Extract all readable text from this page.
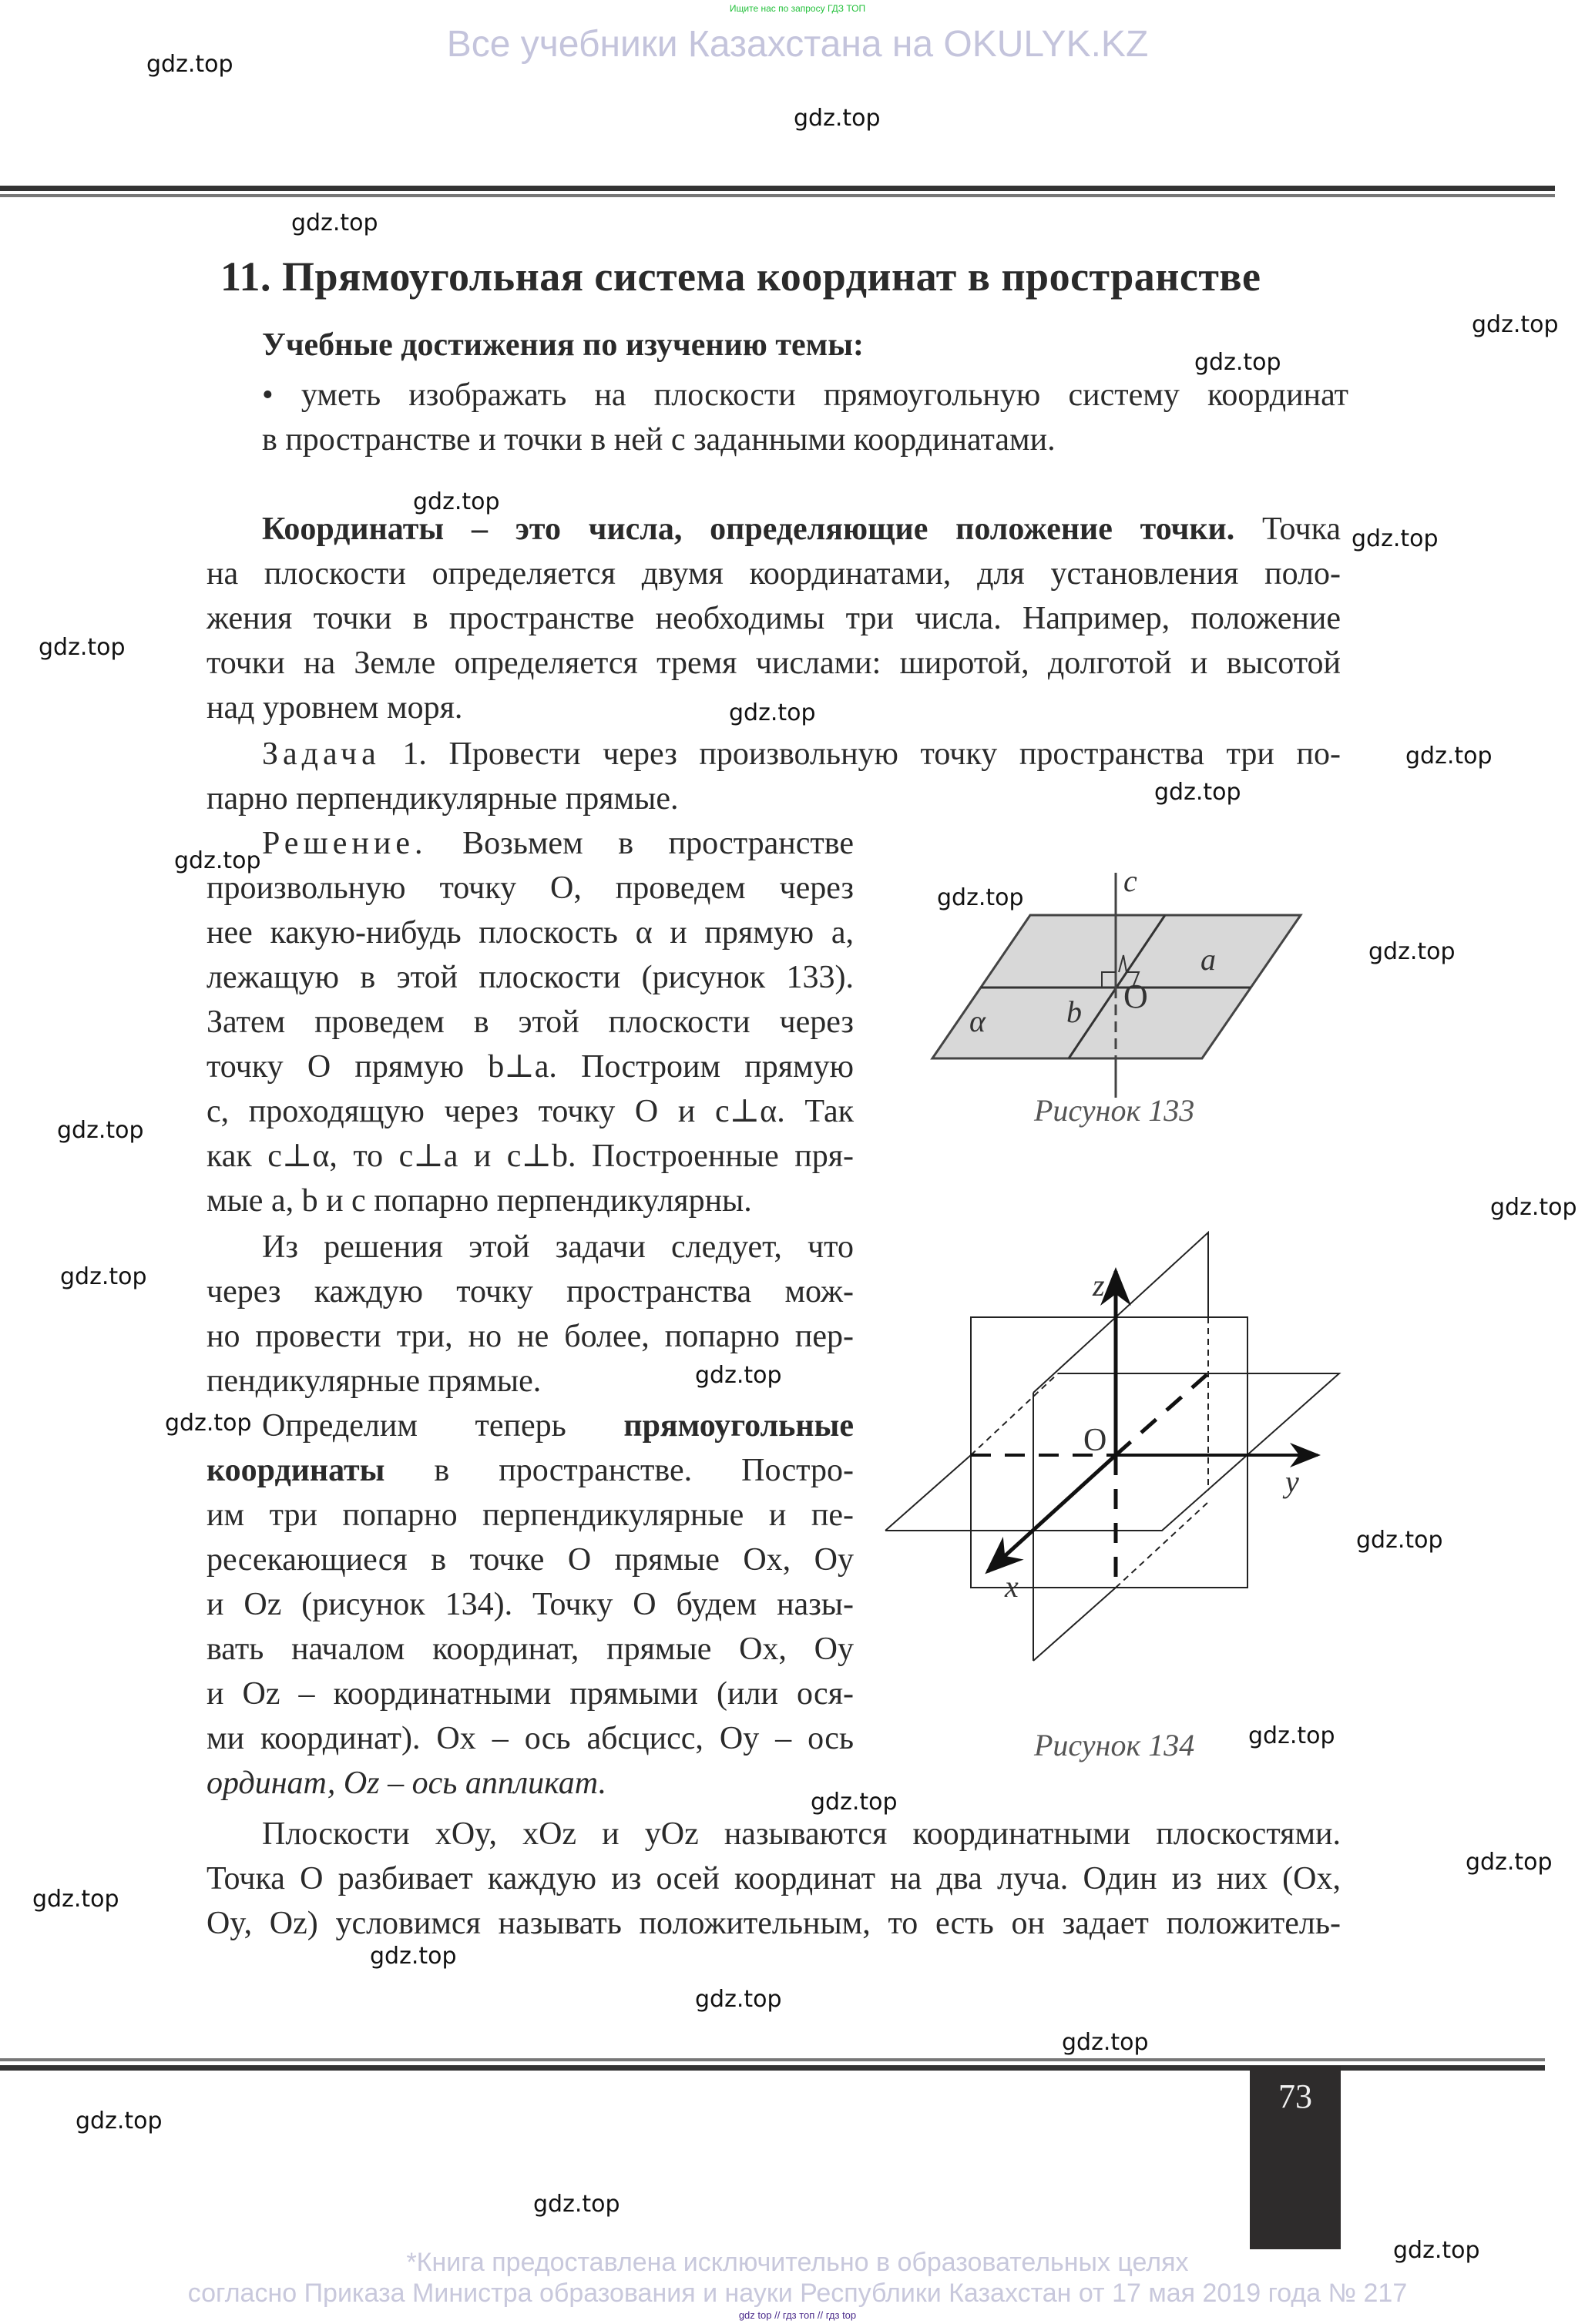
Ищите нас по запросу ГДЗ ТОП
Все учебники Казахстана на OKULYK.KZ
11. Прямоугольная система координат в пространстве
Учебные достижения по изучению темы:
• уметь изображать на плоскости прямоугольную систему координат
в пространстве и точки в ней с заданными координатами.
Координаты – это числа, определяющие положение точки. Точка
на плоскости определяется двумя координатами, для установления поло-
жения точки в пространстве необходимы три числа. Например, положение
точки на Земле определяется тремя числами: широтой, долготой и высотой
над уровнем моря.
Задача 1. Провести через произвольную точку пространства три по-
парно перпендикулярные прямые.
Решение. Возьмем в пространстве
произвольную точку O, проведем через
нее какую-нибудь плоскость α и прямую a,
лежащую в этой плоскости (рисунок 133).
Затем проведем в этой плоскости через
точку O прямую b⊥a. Построим прямую
c, проходящую через точку O и c⊥α. Так
как c⊥α, то c⊥a и c⊥b. Построенные пря-
мые a, b и c попарно перпендикулярны.
Из решения этой задачи следует, что
через каждую точку пространства мож-
но провести три, но не более, попарно пер-
пендикулярные прямые.
Определим теперь прямоугольные
координаты в пространстве. Постро-
им три попарно перпендикулярные и пе-
ресекающиеся в точке O прямые Ox, Oy
и Oz (рисунок 134). Точку O будем назы-
вать началом координат, прямые Ox, Oy
и Oz – координатными прямыми (или ося-
ми координат). Ox – ось абсцисс, Oy – ось
ординат, Oz – ось аппликат.
Плоскости xOy, xOz и yOz называются координатными плоскостями.
Точка O разбивает каждую из осей координат на два луча. Один из них (Ox,
Oy, Oz) условимся называть положительным, то есть он задает положитель-
c
a
b
α
O
Рисунок 133
z
y
x
O
Рисунок 134
73
*Книга предоставлена исключительно в образовательных целях
согласно Приказа Министра образования и науки Республики Казахстан от 17 мая 2019 года № 217
gdz top // гдз топ // гдз top
gdz.top
gdz.top
gdz.top
gdz.top
gdz.top
gdz.top
gdz.top
gdz.top
gdz.top
gdz.top
gdz.top
gdz.top
gdz.top
gdz.top
gdz.top
gdz.top
gdz.top
gdz.top
gdz.top
gdz.top
gdz.top
gdz.top
gdz.top
gdz.top
gdz.top
gdz.top
gdz.top
gdz.top
gdz.top
gdz.top
